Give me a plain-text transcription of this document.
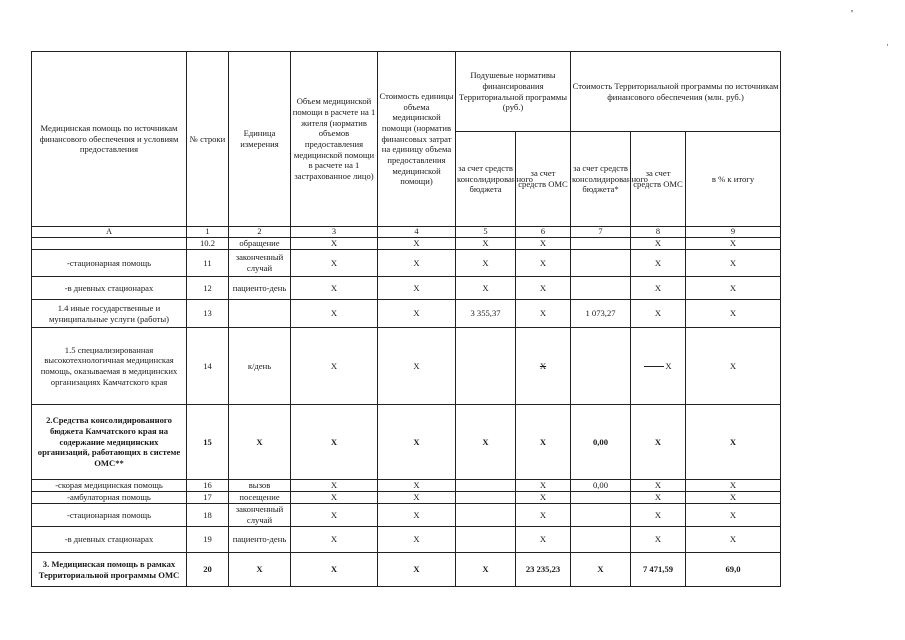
'
·
Медицинская помощь по источникам финансового обеспечения и условиям предоставления	№ строки	Единица измерения	Объем медицинской помощи в расчете на 1 жителя (норматив объемов предоставления медицинской помощи в расчете на 1 застрахованное лицо)	Стоимость единицы объема медицинской помощи (норматив финансовых затрат на единицу объема предоставления медицинской помощи)	Подушевые нормативы финансирования Территориальной программы (руб.)		Стоимость Территориальной программы по источникам финансового обеспечения (млн. руб.)		
					за счет средств консолидированного бюджета	за счет средств ОМС	за счет средств консолидированного бюджета*	за счет средств ОМС	в % к итогу
А	1	2	3	4	5	6	7	8	9
	10.2	обращение	Х	Х	Х	Х		Х	Х
-стационарная помощь	11	законченный случай	Х	Х	Х	Х		Х	Х
-в дневных стационарах	12	пациенто-день	Х	Х	Х	Х		Х	Х
1.4 иные государственные и муниципальные услуги (работы)	13		Х	Х	3 355,37	Х	1 073,27	Х	Х
1.5 специализированная высокотехнологичная медицинская помощь, оказываемая в медицинских организациях Камчатского края	14	к/день	Х	Х		Х		Х	Х
2.Средства консолидированного бюджета Камчатского края на содержание медицинских организаций, работающих в системе ОМС**	15	Х	Х	Х	Х	Х	0,00	Х	Х
-скорая медицинская помощь	16	вызов	Х	Х		Х	0,00	Х	Х
-амбулаторная помощь	17	посещение	Х	Х		Х		Х	Х
-стационарная помощь	18	законченный случай	Х	Х		Х		Х	Х
-в дневных стационарах	19	пациенто-день	Х	Х		Х		Х	Х
3. Медицинская помощь в рамках Территориальной программы ОМС	20	Х	Х	Х	Х	23 235,23	Х	7 471,59	69,0
